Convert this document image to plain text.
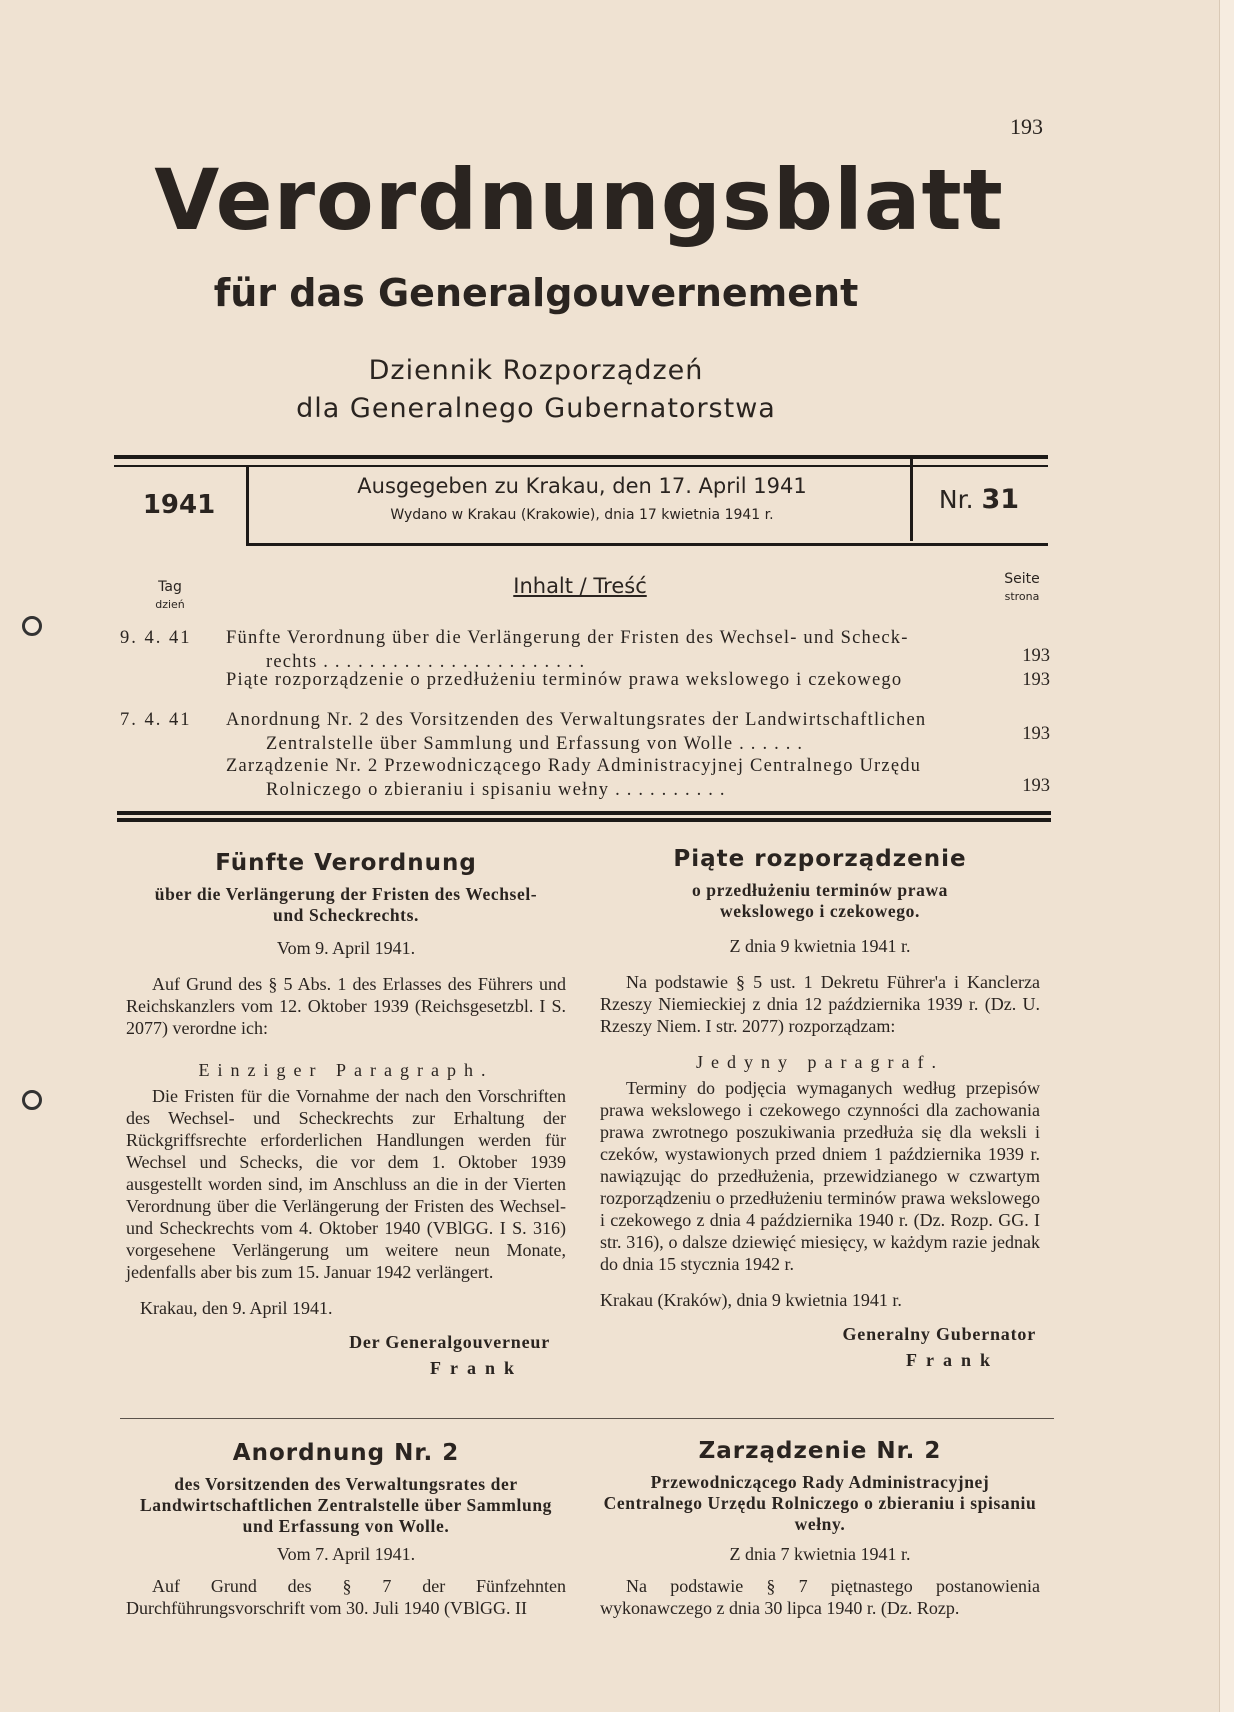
193
Verordnungsblatt
für das Generalgouvernement
Dziennik Rozporządzeń
dla Generalnego Gubernatorstwa
1941
Ausgegeben zu Krakau, den 17. April 1941
Wydano w Krakau (Krakowie), dnia 17 kwietnia 1941 r.
Nr. 31
Tag
dzień
Inhalt / Treść	Seite
strona
9. 4. 41	Fünfte Verordnung über die Verlängerung der Fristen des Wechsel- und Scheck-
rechts . . . . . . . . . . . . . . . . . . . . . . .	193
Piąte rozporządzenie o przedłużeniu terminów prawa wekslowego i czekowego	193
7. 4. 41	Anordnung Nr. 2 des Vorsitzenden des Verwaltungsrates der Landwirtschaftlichen
Zentralstelle über Sammlung und Erfassung von Wolle . . . . . .	193
Zarządzenie Nr. 2 Przewodniczącego Rady Administracyjnej Centralnego Urzędu
Rolniczego o zbieraniu i spisaniu wełny . . . . . . . . . .	193
Fünfte Verordnung
über die Verlängerung der Fristen des Wechsel- und Scheckrechts.
Vom 9. April 1941.
Auf Grund des § 5 Abs. 1 des Erlasses des Führers und Reichskanzlers vom 12. Oktober 1939 (Reichsgesetzbl. I S. 2077) verordne ich:
Einziger Paragraph.
Die Fristen für die Vornahme der nach den Vorschriften des Wechsel- und Scheckrechts zur Erhaltung der Rückgriffsrechte erforderlichen Handlungen werden für Wechsel und Schecks, die vor dem 1. Oktober 1939 ausgestellt worden sind, im Anschluss an die in der Vierten Verordnung über die Verlängerung der Fristen des Wechsel- und Scheckrechts vom 4. Oktober 1940 (VBlGG. I S. 316) vorgesehene Verlängerung um weitere neun Monate, jedenfalls aber bis zum 15. Januar 1942 verlängert.
Krakau, den 9. April 1941.
Der Generalgouverneur
Frank
Piąte rozporządzenie
o przedłużeniu terminów prawa wekslowego i czekowego.
Z dnia 9 kwietnia 1941 r.
Na podstawie § 5 ust. 1 Dekretu Führer'a i Kanclerza Rzeszy Niemieckiej z dnia 12 października 1939 r. (Dz. U. Rzeszy Niem. I str. 2077) rozporządzam:
Jedyny paragraf.
Terminy do podjęcia wymaganych według przepisów prawa wekslowego i czekowego czynności dla zachowania prawa zwrotnego poszukiwania przedłuża się dla weksli i czeków, wystawionych przed dniem 1 października 1939 r. nawiązując do przedłużenia, przewidzianego w czwartym rozporządzeniu o przedłużeniu terminów prawa wekslowego i czekowego z dnia 4 października 1940 r. (Dz. Rozp. GG. I str. 316), o dalsze dziewięć miesięcy, w każdym razie jednak do dnia 15 stycznia 1942 r.
Krakau (Kraków), dnia 9 kwietnia 1941 r.
Generalny Gubernator
Frank
Anordnung Nr. 2
des Vorsitzenden des Verwaltungsrates der Landwirtschaftlichen Zentralstelle über Sammlung und Erfassung von Wolle.
Vom 7. April 1941.
Auf Grund des § 7 der Fünfzehnten Durchführungsvorschrift vom 30. Juli 1940 (VBlGG. II
Zarządzenie Nr. 2
Przewodniczącego Rady Administracyjnej Centralnego Urzędu Rolniczego o zbieraniu i spisaniu wełny.
Z dnia 7 kwietnia 1941 r.
Na podstawie § 7 piętnastego postanowienia wykonawczego z dnia 30 lipca 1940 r. (Dz. Rozp.
